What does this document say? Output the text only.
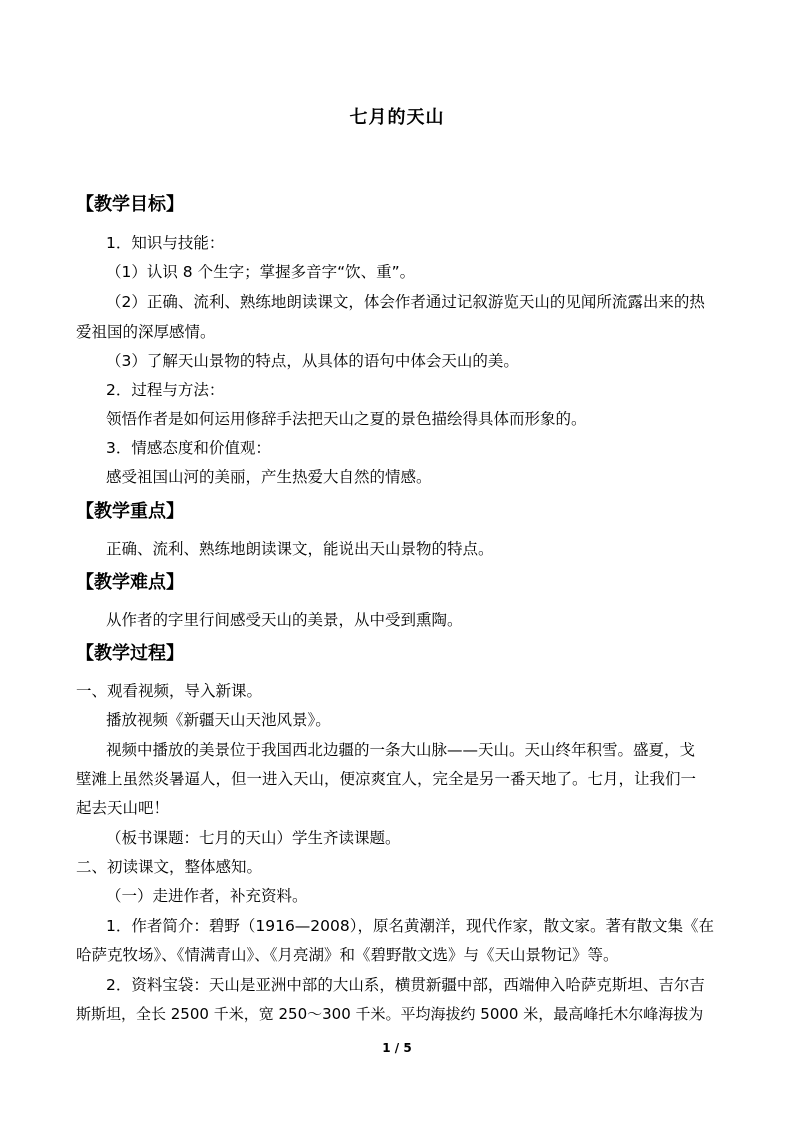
七月的天山
【教学目标】
1．知识与技能：
（1）认识 8 个生字；掌握多音字“饮、重”。
（2）正确、流利、熟练地朗读课文，体会作者通过记叙游览天山的见闻所流露出来的热
爱祖国的深厚感情。
（3）了解天山景物的特点，从具体的语句中体会天山的美。
2．过程与方法：
领悟作者是如何运用修辞手法把天山之夏的景色描绘得具体而形象的。
3．情感态度和价值观：
感受祖国山河的美丽，产生热爱大自然的情感。
【教学重点】
正确、流利、熟练地朗读课文，能说出天山景物的特点。
【教学难点】
从作者的字里行间感受天山的美景，从中受到熏陶。
【教学过程】
一、观看视频，导入新课。
播放视频《新疆天山天池风景》。
视频中播放的美景位于我国西北边疆的一条大山脉——天山。天山终年积雪。盛夏，戈
壁滩上虽然炎暑逼人，但一进入天山，便凉爽宜人，完全是另一番天地了。七月，让我们一
起去天山吧！
（板书课题：七月的天山）学生齐读课题。
二、初读课文，整体感知。
（一）走进作者，补充资料。
1．作者简介：碧野（1916—2008），原名黄潮洋，现代作家，散文家。著有散文集《在
哈萨克牧场》、《情满青山》、《月亮湖》和《碧野散文选》与《天山景物记》等。
2．资料宝袋：天山是亚洲中部的大山系，横贯新疆中部，西端伸入哈萨克斯坦、吉尔吉
斯斯坦，全长 2500 千米，宽 250～300 千米。平均海拔约 5000 米，最高峰托木尔峰海拔为
1 / 5
